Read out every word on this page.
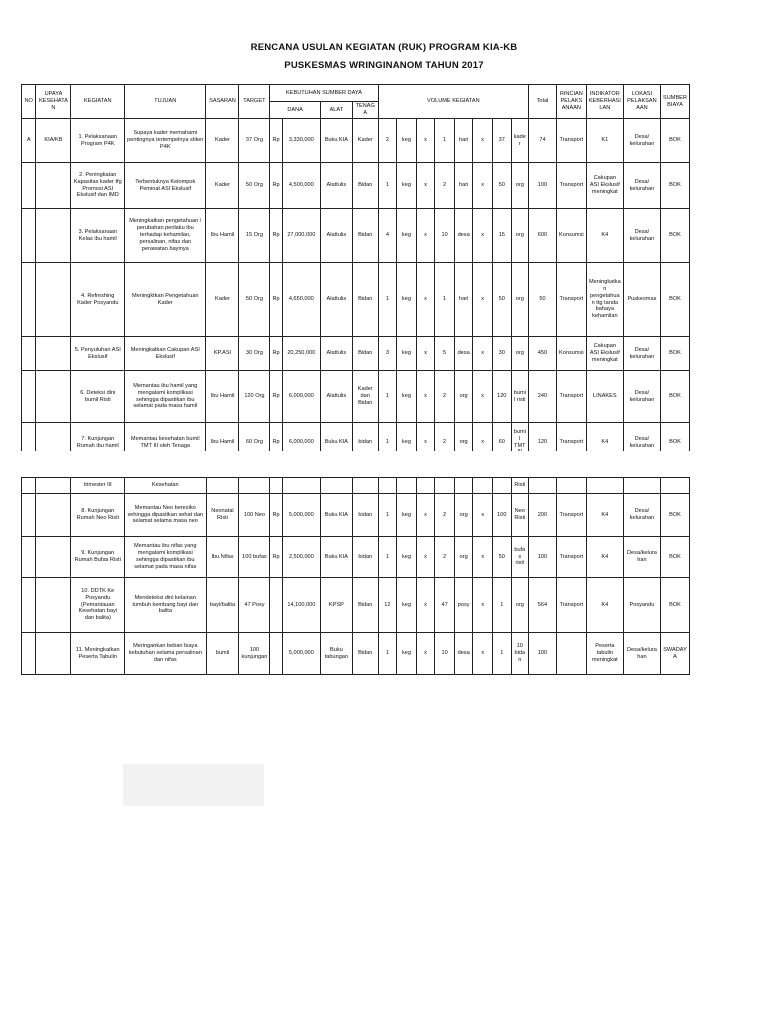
RENCANA USULAN KEGIATAN (RUK) PROGRAM KIA-KB
PUSKESMAS WRINGINANOM TAHUN 2017
NO	UPAYA KESEHATAN	KEGIATAN	TUJUAN	SASARAN	TARGET	KEBUTUHAN SUMBER DAYA				VOLUME KEGIATAN								Total	RINCIAN PELAKSANAAN	INDIKATOR KEBERHASILAN	LOKASI PELAKSANAAN	SUMBER BIAYA
						DANA		ALAT	TENAGA													
A	KIA/KB	1. Pelaksanaan Program P4K	Supaya kader memahami pentingnya tertempelnya stiker P4K	Kader	37 Org	Rp	3,330,000	Buku KIA	Kader	2	keg	x	1	hari	x	37	kader	74	Transport	K1	Desa/ kelurahan	BOK
		2. Peningkatan Kapasitas kader tfg Promosi ASI Ekslusif dan IMD	Terbentuknya Kelompok Peminat ASI Ekslusif	Kader	50 Org	Rp	4,500,000	Alattulis	Bidan	1	keg	x	2	hari	x	50	org	100	Transport	Cakupan ASI Ekslusif meningkat	Desa/ kelurahan	BOK
		3. Pelaksanaan Kelas ibu hamil	Meningkatkan pengetahuan / perubahan perilaku ibu terhadap kehamilan, persalinan, nifas dan perawatan bayinya	Ibu Hamil	15 Org	Rp	27,000,000	Alattulis	Bidan	4	keg	x	10	desa	x	15	org	600	Konsumsi	K4	Desa/ kelurahan	BOK
		4. Refreshing Kader Posyandu	Meningktkan Pengetahuan Kader	Kader	50 Org	Rp	4,650,000	Alattulis	Bidan	1	keg	x	1	hari	x	50	org	50	Transport	Meningkatkan pengetahuan ttg tanda bahaya kehamilan	Puskesmas	BOK
		5. Penyuluhan ASI Ekslusif	Meningkatkan Cakupan ASI Ekslusif	KP.ASI	30 Org	Rp	20,250,000	Alattulis	Bidan	3	keg	x	5	desa	x	30	org	450	Konsumsi	Cakupan ASI Ekslusif meningkat	Desa/ kelurahan	BOK
		6. Deteksi dini bumil Risti	Memantau ibu hamil yang mengalami komplikasi sehingga dipastikan ibu selamat pada masa hamil	Ibu Hamil	120 Org	Rp	6,000,000	Alattulis	Kader dan Bidan	1	keg	x	2	org	x	120	bumil risti	240	Transport	LINAKES	Desa/ kelurahan	BOK
		7. Kunjungan Rumah ibu hamil	Memantau kesehatan bumil TMT III oleh Tenaga	Ibu Hamil	60 Org	Rp	6,000,000	Buku KIA	bidan	1	keg	x	2	org	x	60	bumil TMT	120	Transport	K4	Desa/ kelurahan	BOK
		trimester III	Kesehatan														Risti					
		8. Kunjungan Rumah Neo Risti	Memantau Neo beresiko sehingga dipastikan sehat dan selamat selama masa neo	Neonatal Risti	100 Neo	Rp	5,000,000	Buku KIA	bidan	1	keg	x	2	org	x	100	Neo Risti	200	Transport	K4	Desa/ kelurahan	BOK
		9. Kunjungan Rumah Bufas Risti	Memantau ibu nifas yang mengalami komplikasi sehingga dipastikan ibu selamat pada masa nifas	Ibu Nifas	100 bufas	Rp	2,500,000	Buku KIA	bidan	1	keg	x	2	org	x	50	bufas risti	100	Transport	K4	Desa/kelurahan	BOK
		10. DDTK Ke Posyandu (Pemantauan Kesehatan bayi dan balita)	Mendeteksi dini kelainan tumbuh kembang bayi dan balita	bayi/balita	47 Posy		14,100,000	KPSP	Bidan	12	keg	x	47	posy	x	1	org	564	Transport	K4	Posyandu	BOK
		11. Meningkatkan Peserta Tabulin	Meringankan beban biaya kebutuhan selama persalinan dan nifas	bumil	100 kunjungan		5,000,000	Buku tabungan	Bidan	1	keg	x	10	desa	x	1	10 bidan	100		Peserta tabulin meningkat	Desa/kelurahan	SWADAYA
